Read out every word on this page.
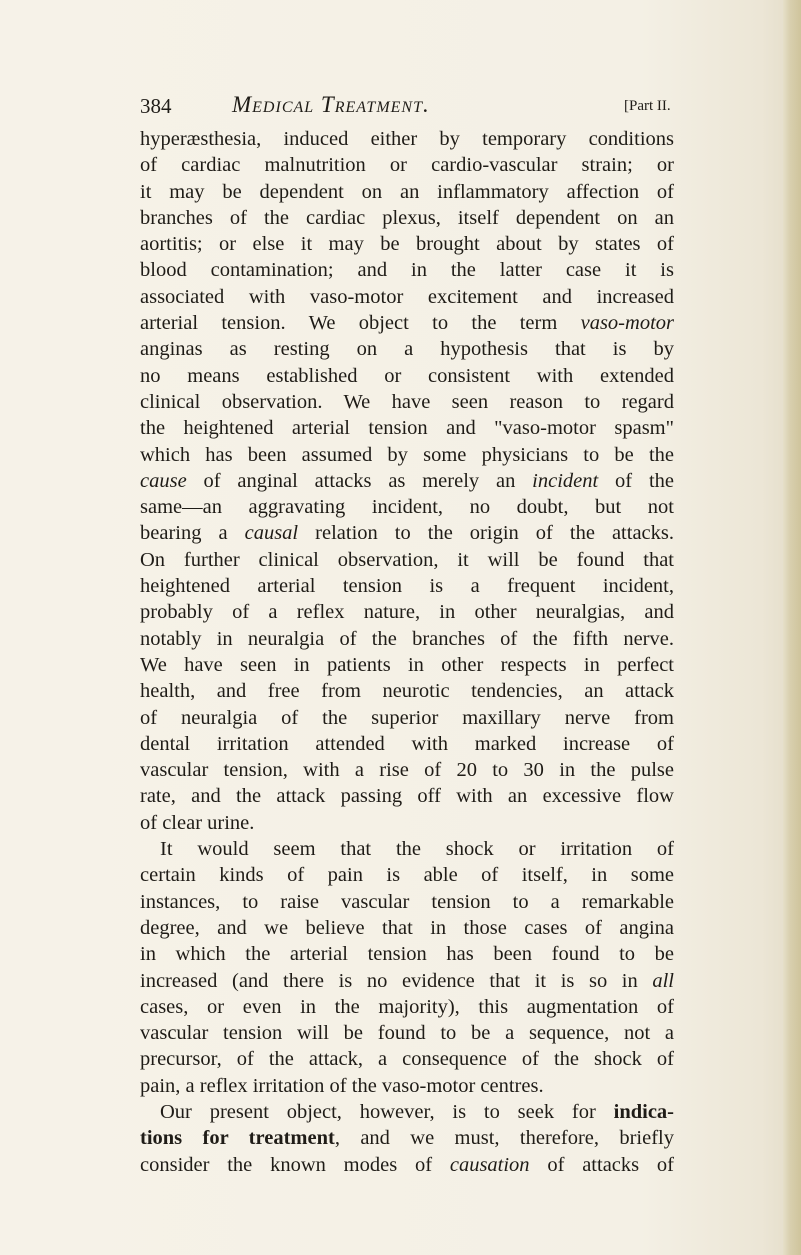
384	Medical Treatment.	[Part II.
hyperæsthesia, induced either by temporary conditions
of cardiac malnutrition or cardio-vascular strain; or
it may be dependent on an inflammatory affection of
branches of the cardiac plexus, itself dependent on an
aortitis; or else it may be brought about by states of
blood contamination; and in the latter case it is
associated with vaso-motor excitement and increased
arterial tension. We object to the term vaso-motor
anginas as resting on a hypothesis that is by
no means established or consistent with extended
clinical observation. We have seen reason to regard
the heightened arterial tension and "vaso-motor spasm"
which has been assumed by some physicians to be the
cause of anginal attacks as merely an incident of the
same—an aggravating incident, no doubt, but not
bearing a causal relation to the origin of the attacks.
On further clinical observation, it will be found that
heightened arterial tension is a frequent incident,
probably of a reflex nature, in other neuralgias, and
notably in neuralgia of the branches of the fifth nerve.
We have seen in patients in other respects in perfect
health, and free from neurotic tendencies, an attack
of neuralgia of the superior maxillary nerve from
dental irritation attended with marked increase of
vascular tension, with a rise of 20 to 30 in the pulse
rate, and the attack passing off with an excessive flow
of clear urine.
It would seem that the shock or irritation of
certain kinds of pain is able of itself, in some
instances, to raise vascular tension to a remarkable
degree, and we believe that in those cases of angina
in which the arterial tension has been found to be
increased (and there is no evidence that it is so in all
cases, or even in the majority), this augmentation of
vascular tension will be found to be a sequence, not a
precursor, of the attack, a consequence of the shock of
pain, a reflex irritation of the vaso-motor centres.
Our present object, however, is to seek for indica-
tions for treatment, and we must, therefore, briefly
consider the known modes of causation of attacks of
